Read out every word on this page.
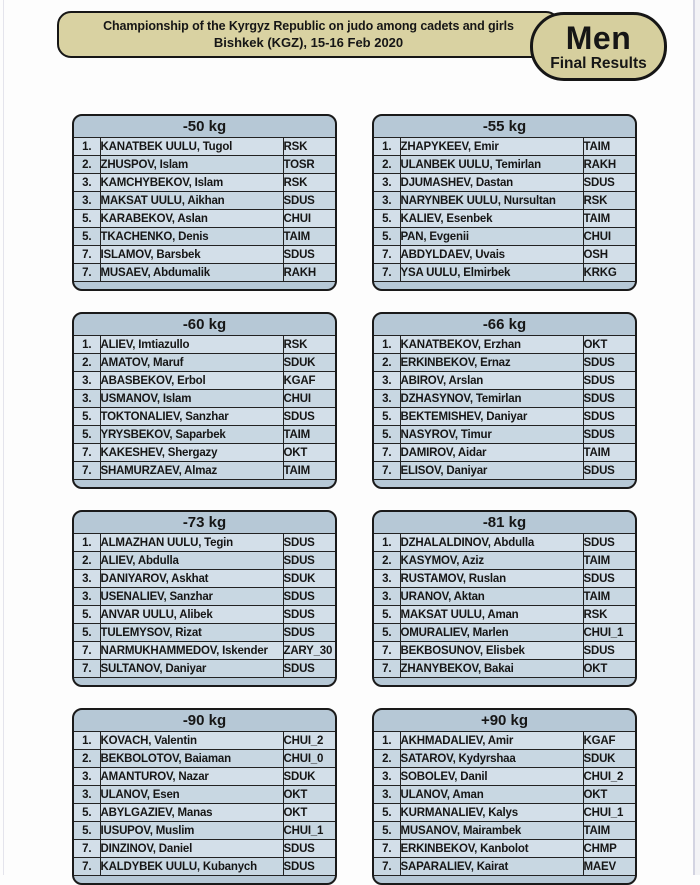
Championship of the Kyrgyz Republic on judo among cadets and girls
Bishkek (KGZ), 15-16 Feb 2020	Men
Final Results
-50 kg
1.	KANATBEK UULU, Tugol	RSK
2.	ZHUSPOV, Islam	TOSR
3.	KAMCHYBEKOV, Islam	RSK
3.	MAKSAT UULU, Aikhan	SDUS
5.	KARABEKOV, Aslan	CHUI
5.	TKACHENKO, Denis	TAIM
7.	ISLAMOV, Barsbek	SDUS
7.	MUSAEV, Abdumalik	RAKH
-55 kg
1.	ZHAPYKEEV, Emir	TAIM
2.	ULANBEK UULU, Temirlan	RAKH
3.	DJUMASHEV, Dastan	SDUS
3.	NARYNBEK UULU, Nursultan	RSK
5.	KALIEV, Esenbek	TAIM
5.	PAN, Evgenii	CHUI
7.	ABDYLDAEV, Uvais	OSH
7.	YSA UULU, Elmirbek	KRKG
-60 kg
1.	ALIEV, Imtiazullo	RSK
2.	AMATOV, Maruf	SDUK
3.	ABASBEKOV, Erbol	KGAF
3.	USMANOV, Islam	CHUI
5.	TOKTONALIEV, Sanzhar	SDUS
5.	YRYSBEKOV, Saparbek	TAIM
7.	KAKESHEV, Shergazy	OKT
7.	SHAMURZAEV, Almaz	TAIM
-66 kg
1.	KANATBEKOV, Erzhan	OKT
2.	ERKINBEKOV, Ernaz	SDUS
3.	ABIROV, Arslan	SDUS
3.	DZHASYNOV, Temirlan	SDUS
5.	BEKTEMISHEV, Daniyar	SDUS
5.	NASYROV, Timur	SDUS
7.	DAMIROV, Aidar	TAIM
7.	ELISOV, Daniyar	SDUS
-73 kg
1.	ALMAZHAN UULU, Tegin	SDUS
2.	ALIEV, Abdulla	SDUS
3.	DANIYAROV, Askhat	SDUK
3.	USENALIEV, Sanzhar	SDUS
5.	ANVAR UULU, Alibek	SDUS
5.	TULEMYSOV, Rizat	SDUS
7.	NARMUKHAMMEDOV, Iskender	ZARY_30
7.	SULTANOV, Daniyar	SDUS
-81 kg
1.	DZHALALDINOV, Abdulla	SDUS
2.	KASYMOV, Aziz	TAIM
3.	RUSTAMOV, Ruslan	SDUS
3.	URANOV, Aktan	TAIM
5.	MAKSAT UULU, Aman	RSK
5.	OMURALIEV, Marlen	CHUI_1
7.	BEKBOSUNOV, Elisbek	SDUS
7.	ZHANYBEKOV, Bakai	OKT
-90 kg
1.	KOVACH, Valentin	CHUI_2
2.	BEKBOLOTOV, Baiaman	CHUI_0
3.	AMANTUROV, Nazar	SDUK
3.	ULANOV, Esen	OKT
5.	ABYLGAZIEV, Manas	OKT
5.	IUSUPOV, Muslim	CHUI_1
7.	DINZINOV, Daniel	SDUS
7.	KALDYBEK UULU, Kubanych	SDUS
+90 kg
1.	AKHMADALIEV, Amir	KGAF
2.	SATAROV, Kydyrshaa	SDUK
3.	SOBOLEV, Danil	CHUI_2
3.	ULANOV, Aman	OKT
5.	KURMANALIEV, Kalys	CHUI_1
5.	MUSANOV, Mairambek	TAIM
7.	ERKINBEKOV, Kanbolot	CHMP
7.	SAPARALIEV, Kairat	MAEV
